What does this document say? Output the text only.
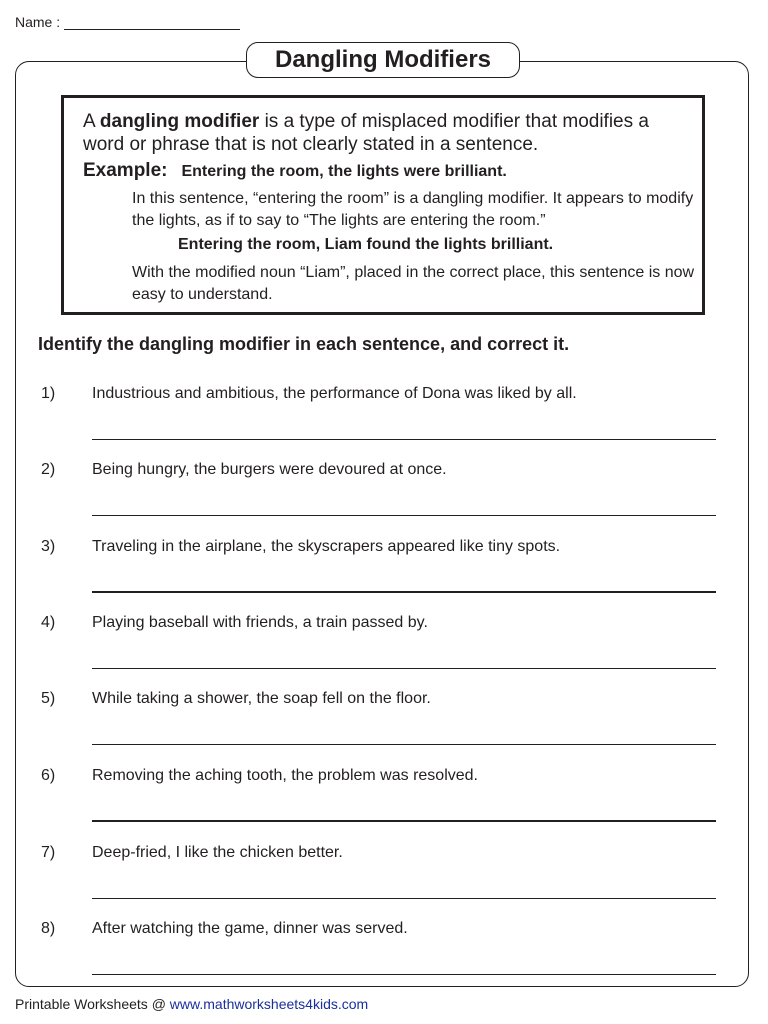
Name :
Dangling Modifiers
A dangling modifier is a type of misplaced modifier that modifies a word or phrase that is not clearly stated in a sentence.
Example: Entering the room, the lights were brilliant.
In this sentence, “entering the room” is a dangling modifier. It appears to modify the lights, as if to say to “The lights are entering the room.”
Entering the room, Liam found the lights brilliant.
With the modified noun “Liam”, placed in the correct place, this sentence is now easy to understand.
Identify the dangling modifier in each sentence, and correct it.
1) Industrious and ambitious, the performance of Dona was liked by all.
2) Being hungry, the burgers were devoured at once.
3) Traveling in the airplane, the skyscrapers appeared like tiny spots.
4) Playing baseball with friends, a train passed by.
5) While taking a shower, the soap fell on the floor.
6) Removing the aching tooth, the problem was resolved.
7) Deep-fried, I like the chicken better.
8) After watching the game, dinner was served.
Printable Worksheets @ www.mathworksheets4kids.com
